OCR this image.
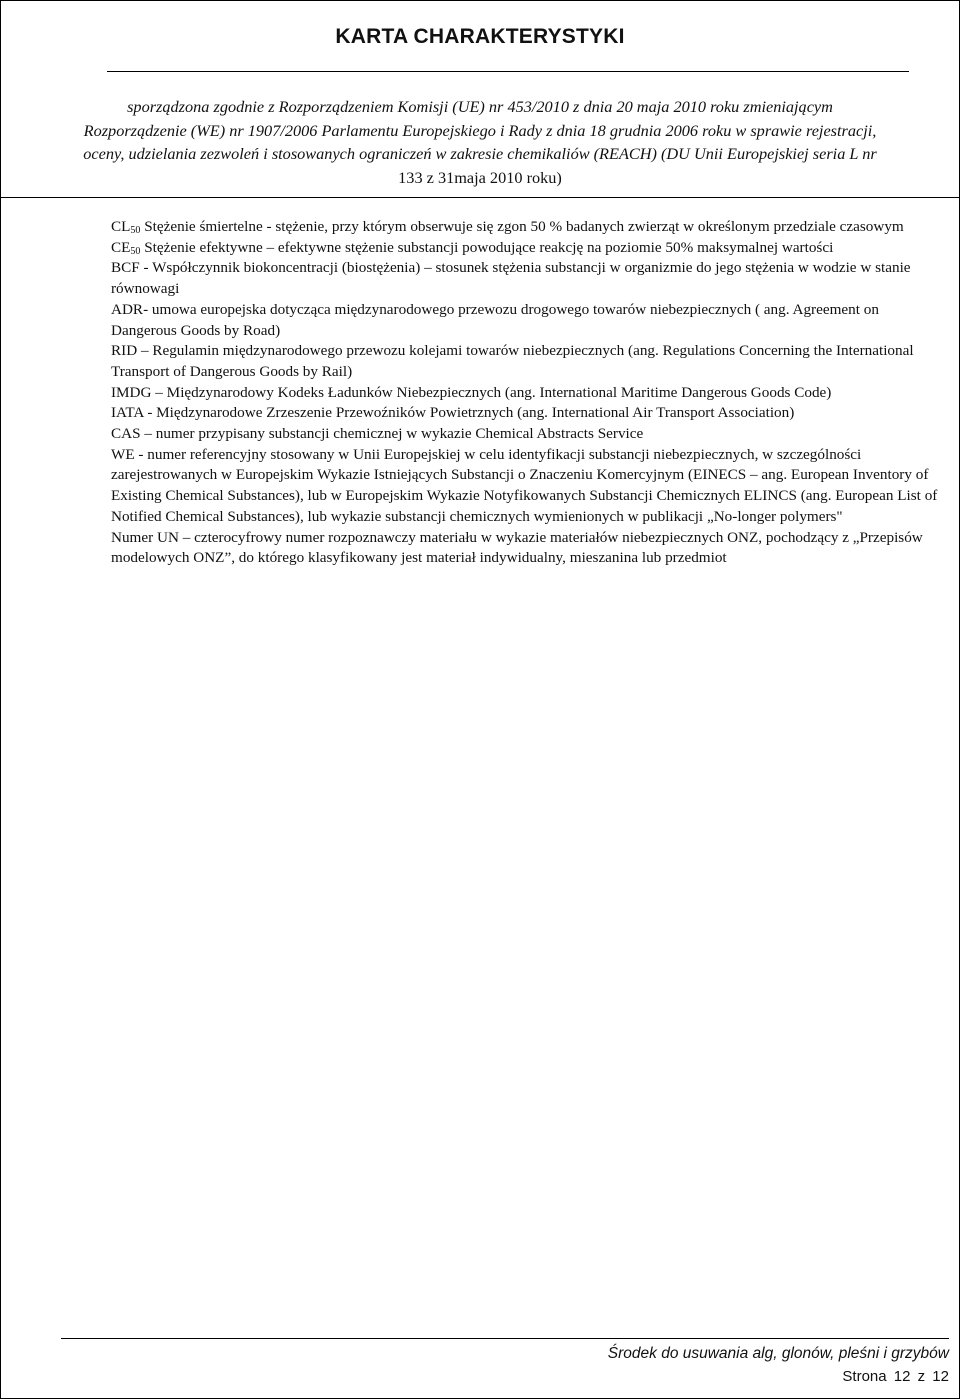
KARTA CHARAKTERYSTYKI
sporządzona zgodnie z Rozporządzeniem Komisji (UE) nr 453/2010 z dnia 20 maja 2010 roku zmieniającym
Rozporządzenie (WE) nr 1907/2006 Parlamentu Europejskiego i Rady z dnia 18 grudnia 2006 roku w sprawie rejestracji,
oceny, udzielania zezwoleń i stosowanych ograniczeń w zakresie chemikaliów (REACH) (DU Unii Europejskiej seria L nr
133 z 31maja 2010 roku)

$CL_{50}$ Stężenie śmiertelne - stężenie, przy którym obserwuje się zgon 50 % badanych zwierząt w określonym przedziale czasowym

$CE_{50}$ Stężenie efektywne – efektywne stężenie substancji powodujące reakcję na poziomie 50% maksymalnej wartości

BCF - Współczynnik biokoncentracji (biostężenia) – stosunek stężenia substancji w organizmie do jego stężenia w wodzie w stanie równowagi

ADR- umowa europejska dotycząca międzynarodowego przewozu drogowego towarów niebezpiecznych ( ang. Agreement on Dangerous Goods by Road)

RID – Regulamin międzynarodowego przewozu kolejami towarów niebezpiecznych (ang. Regulations Concerning the International Transport of Dangerous Goods by Rail)

IMDG – Międzynarodowy Kodeks Ładunków Niebezpiecznych (ang. International Maritime Dangerous Goods Code)

IATA - Międzynarodowe Zrzeszenie Przewoźników Powietrznych (ang. International Air Transport Association)

CAS – numer przypisany substancji chemicznej w wykazie Chemical Abstracts Service

WE - numer referencyjny stosowany w Unii Europejskiej w celu identyfikacji substancji niebezpiecznych, w szczególności zarejestrowanych w Europejskim Wykazie Istniejących Substancji o Znaczeniu Komercyjnym (EINECS – ang. European Inventory of Existing Chemical Substances), lub w Europejskim Wykazie Notyfikowanych Substancji Chemicznych ELINCS (ang. European List of Notified Chemical Substances), lub wykazie substancji chemicznych wymienionych w publikacji „No-longer polymers"

Numer UN – czterocyfrowy numer rozpoznawczy materiału w wykazie materiałów niebezpiecznych ONZ, pochodzący z „Przepisów modelowych ONZ”, do którego klasyfikowany jest materiał indywidualny, mieszanina lub przedmiot

Środek do usuwania alg, glonów, pleśni i grzybów
Strona 12 z 12
